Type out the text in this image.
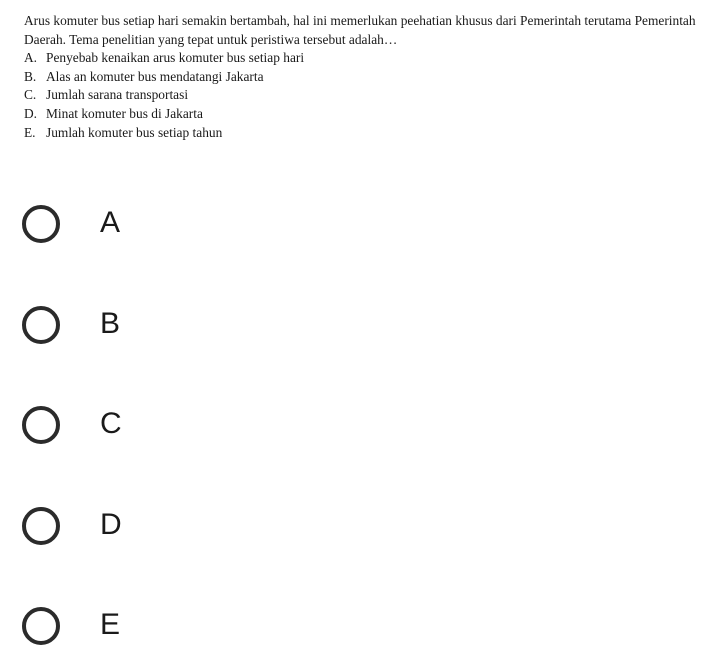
Arus komuter bus setiap hari semakin bertambah, hal ini memerlukan peehatian khusus dari Pemerintah terutama Pemerintah Daerah. Tema penelitian yang tepat untuk peristiwa tersebut adalah…

A. Penyebab kenaikan arus komuter bus setiap hari
B. Alas an komuter bus mendatangi Jakarta
C. Jumlah sarana transportasi
D. Minat komuter bus di Jakarta
E. Jumlah komuter bus setiap tahun
A
B
C
D
E
